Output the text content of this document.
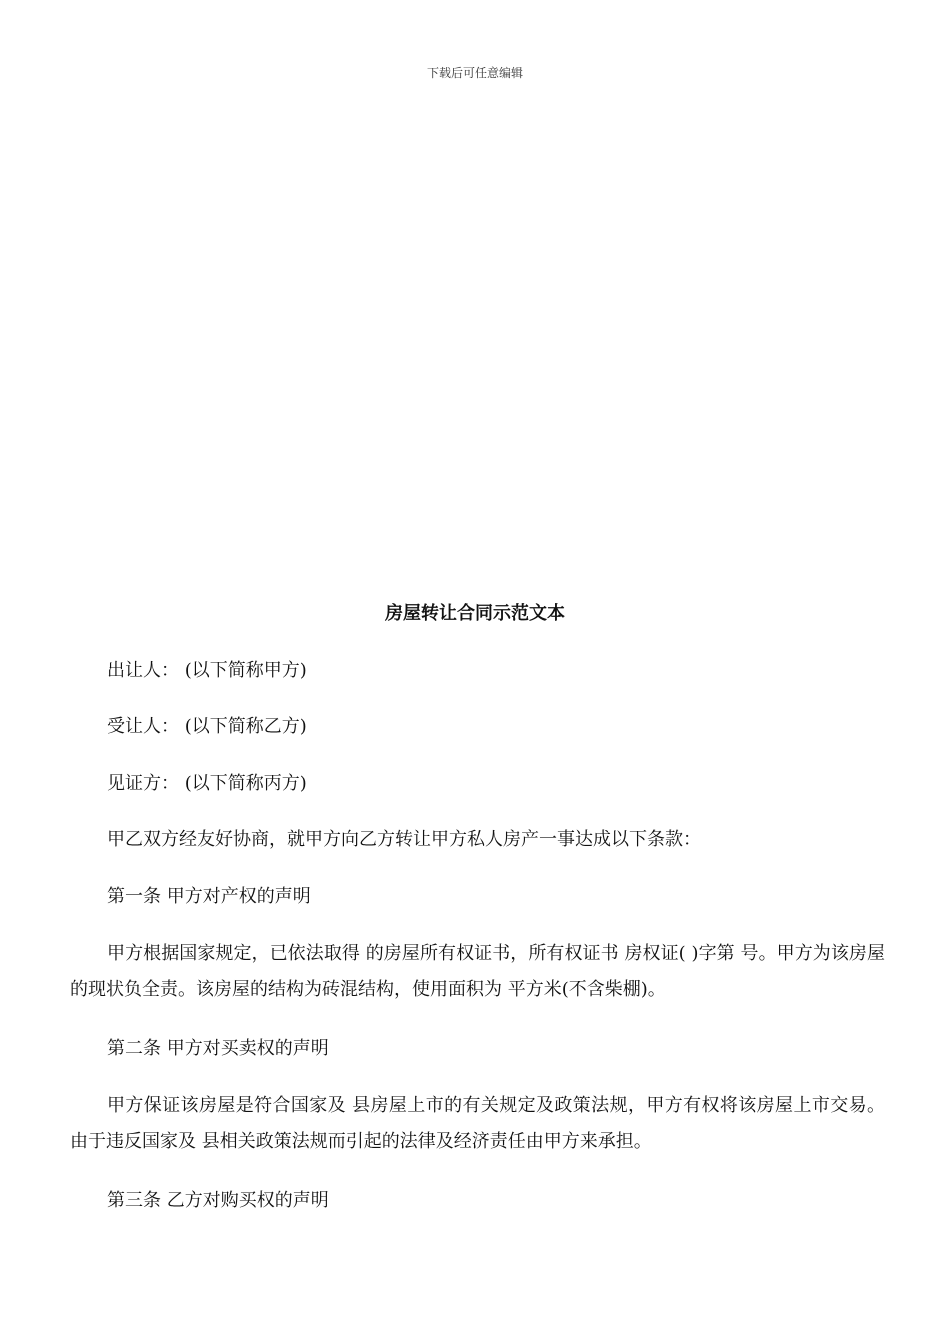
下载后可任意编辑
房屋转让合同示范文本
出让人： (以下简称甲方)
受让人： (以下简称乙方)
见证方： (以下简称丙方)
甲乙双方经友好协商，就甲方向乙方转让甲方私人房产一事达成以下条款：
第一条 甲方对产权的声明
甲方根据国家规定，已依法取得 的房屋所有权证书，所有权证书 房权证( )字第 号。甲方为该房屋的现状负全责。该房屋的结构为砖混结构，使用面积为 平方米(不含柴棚)。
第二条 甲方对买卖权的声明
甲方保证该房屋是符合国家及 县房屋上市的有关规定及政策法规，甲方有权将该房屋上市交易。由于违反国家及 县相关政策法规而引起的法律及经济责任由甲方来承担。
第三条 乙方对购买权的声明
